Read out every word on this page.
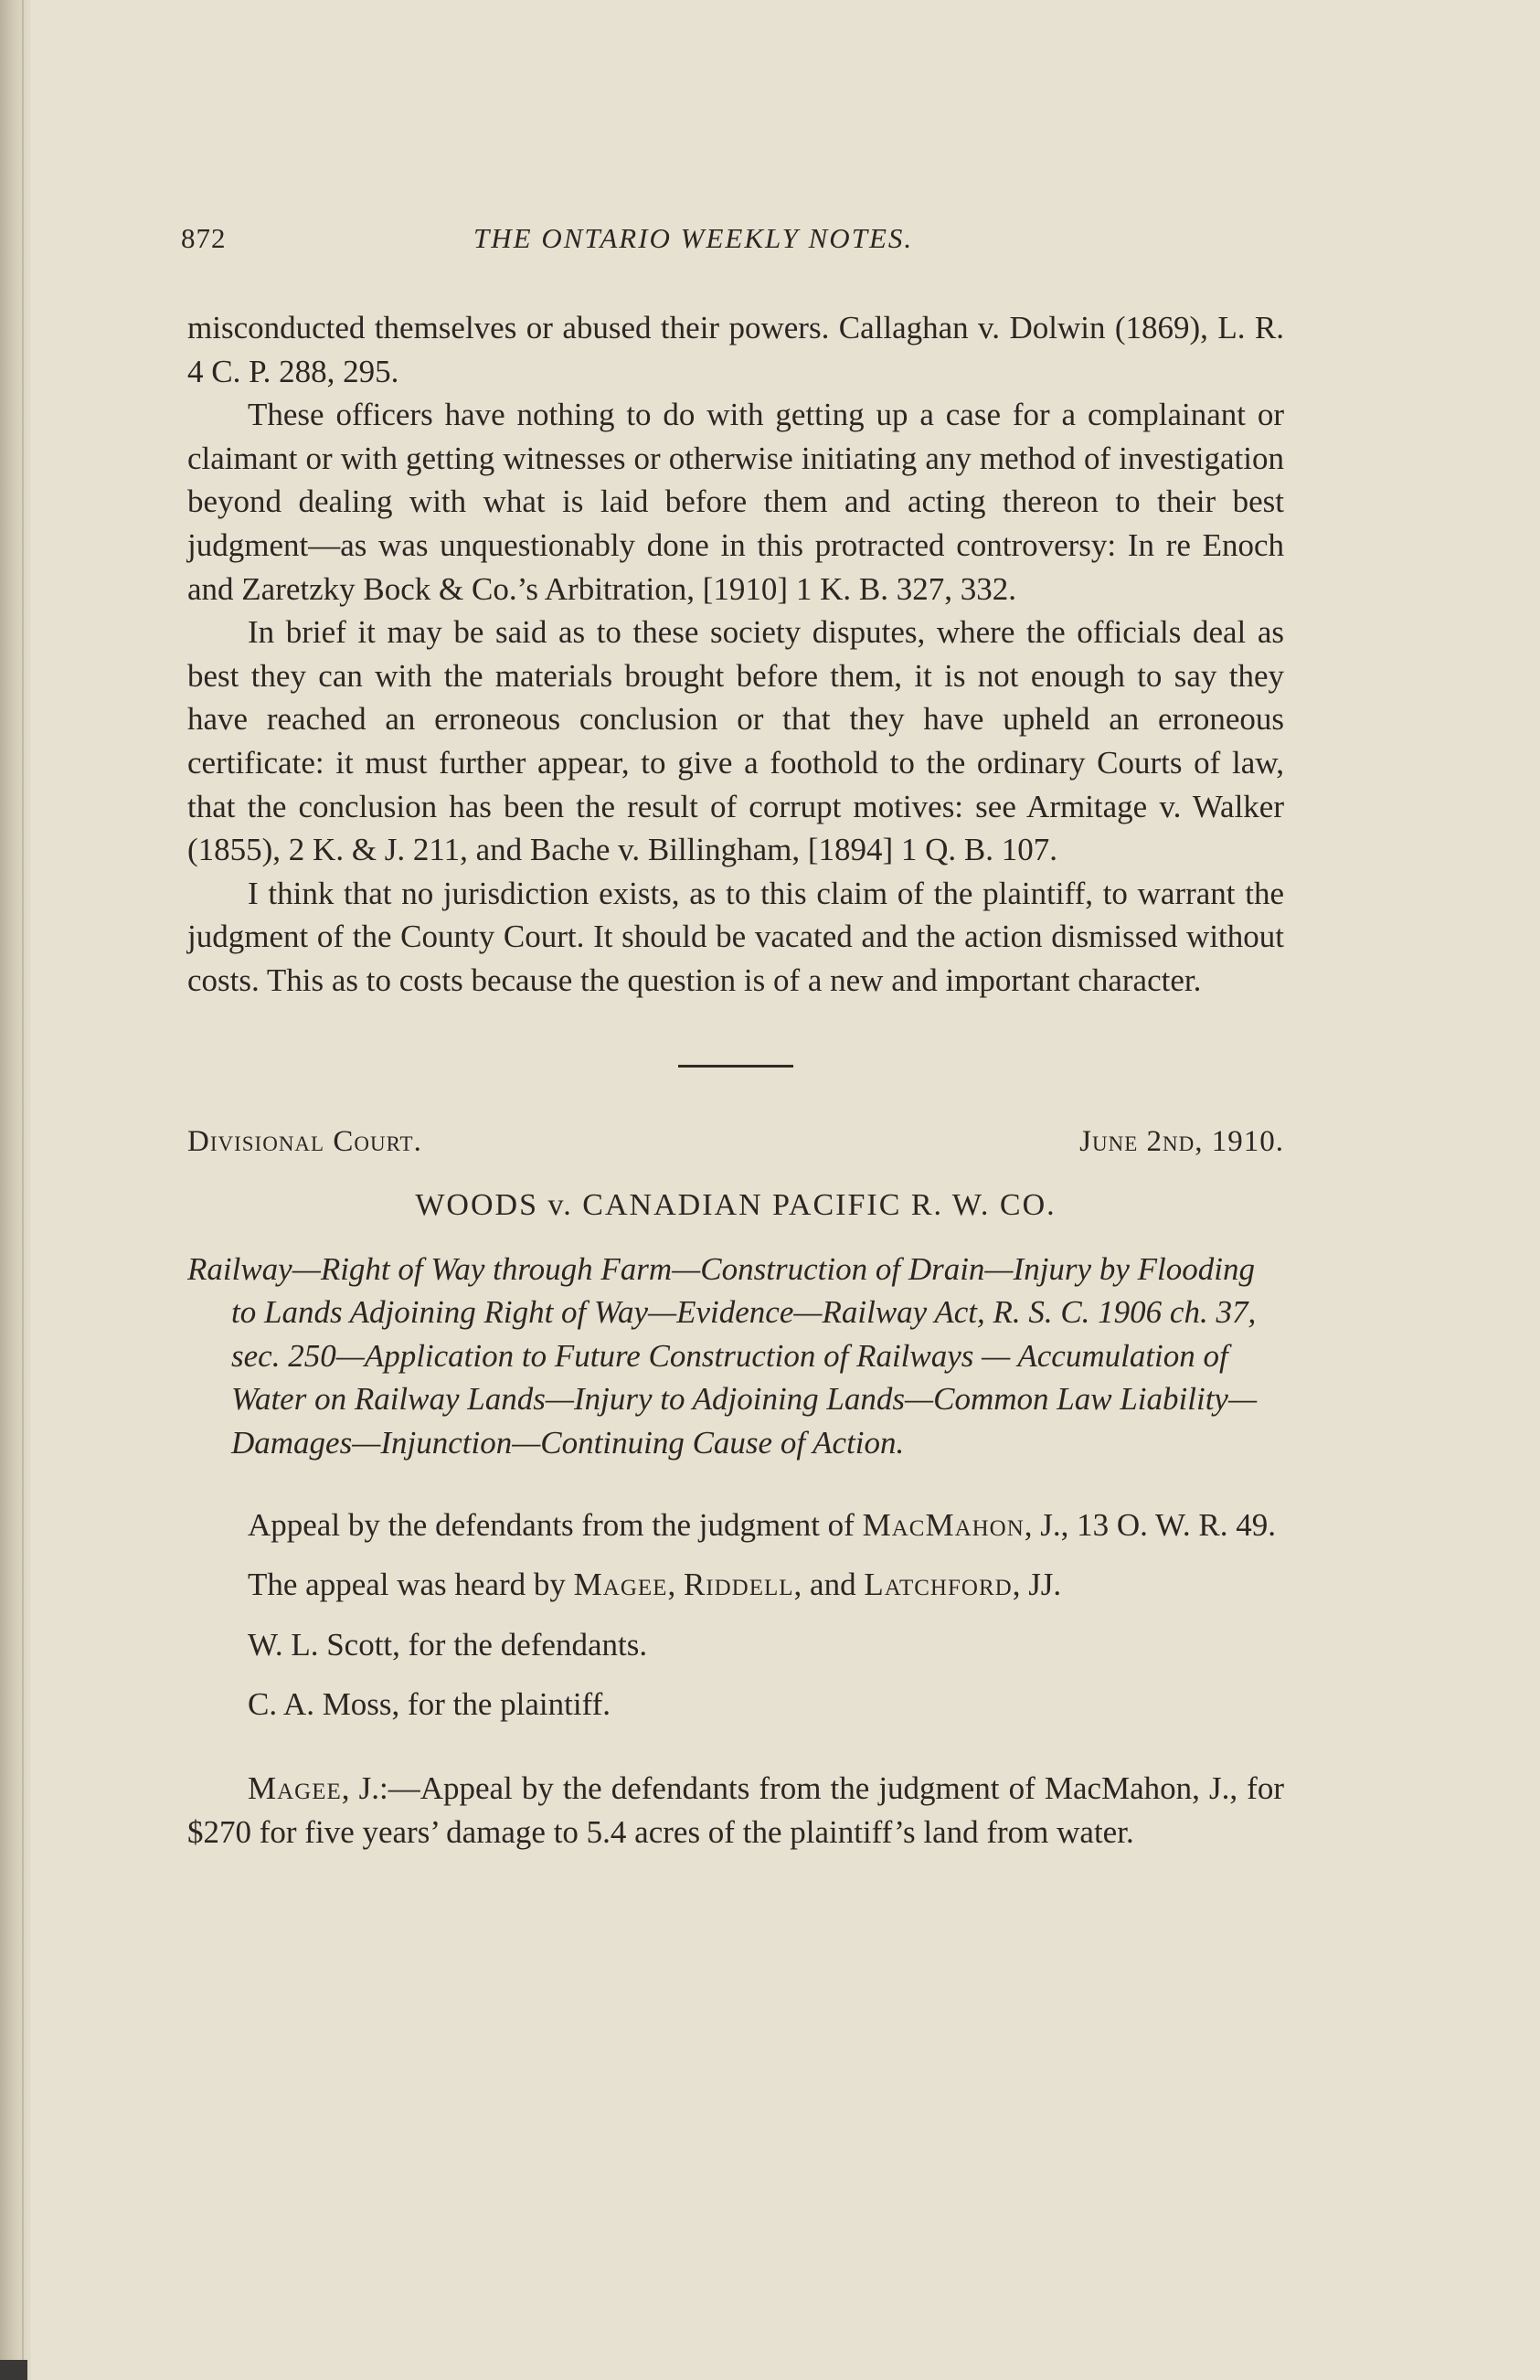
872	THE ONTARIO WEEKLY NOTES.

misconducted themselves or abused their powers. Callaghan v. Dolwin (1869), L. R. 4 C. P. 288, 295.

These officers have nothing to do with getting up a case for a complainant or claimant or with getting witnesses or otherwise initiating any method of investigation beyond dealing with what is laid before them and acting thereon to their best judgment—as was unquestionably done in this protracted controversy: In re Enoch and Zaretzky Bock & Co.’s Arbitration, [1910] 1 K. B. 327, 332.

In brief it may be said as to these society disputes, where the officials deal as best they can with the materials brought before them, it is not enough to say they have reached an erroneous conclusion or that they have upheld an erroneous certificate: it must further appear, to give a foothold to the ordinary Courts of law, that the conclusion has been the result of corrupt motives: see Armitage v. Walker (1855), 2 K. & J. 211, and Bache v. Billingham, [1894] 1 Q. B. 107.

I think that no jurisdiction exists, as to this claim of the plaintiff, to warrant the judgment of the County Court. It should be vacated and the action dismissed without costs. This as to costs because the question is of a new and important character.

Divisional Court.	June 2nd, 1910.
WOODS v. CANADIAN PACIFIC R. W. CO.

Railway—Right of Way through Farm—Construction of Drain—Injury by Flooding to Lands Adjoining Right of Way—Evidence—Railway Act, R. S. C. 1906 ch. 37, sec. 250—Application to Future Construction of Railways — Accumulation of Water on Railway Lands—Injury to Adjoining Lands—Common Law Liability—Damages—Injunction—Continuing Cause of Action.

Appeal by the defendants from the judgment of MacMahon, J., 13 O. W. R. 49.

The appeal was heard by Magee, Riddell, and Latchford, JJ.

W. L. Scott, for the defendants.

C. A. Moss, for the plaintiff.

Magee, J.:—Appeal by the defendants from the judgment of MacMahon, J., for $270 for five years’ damage to 5.4 acres of the plaintiff’s land from water.
